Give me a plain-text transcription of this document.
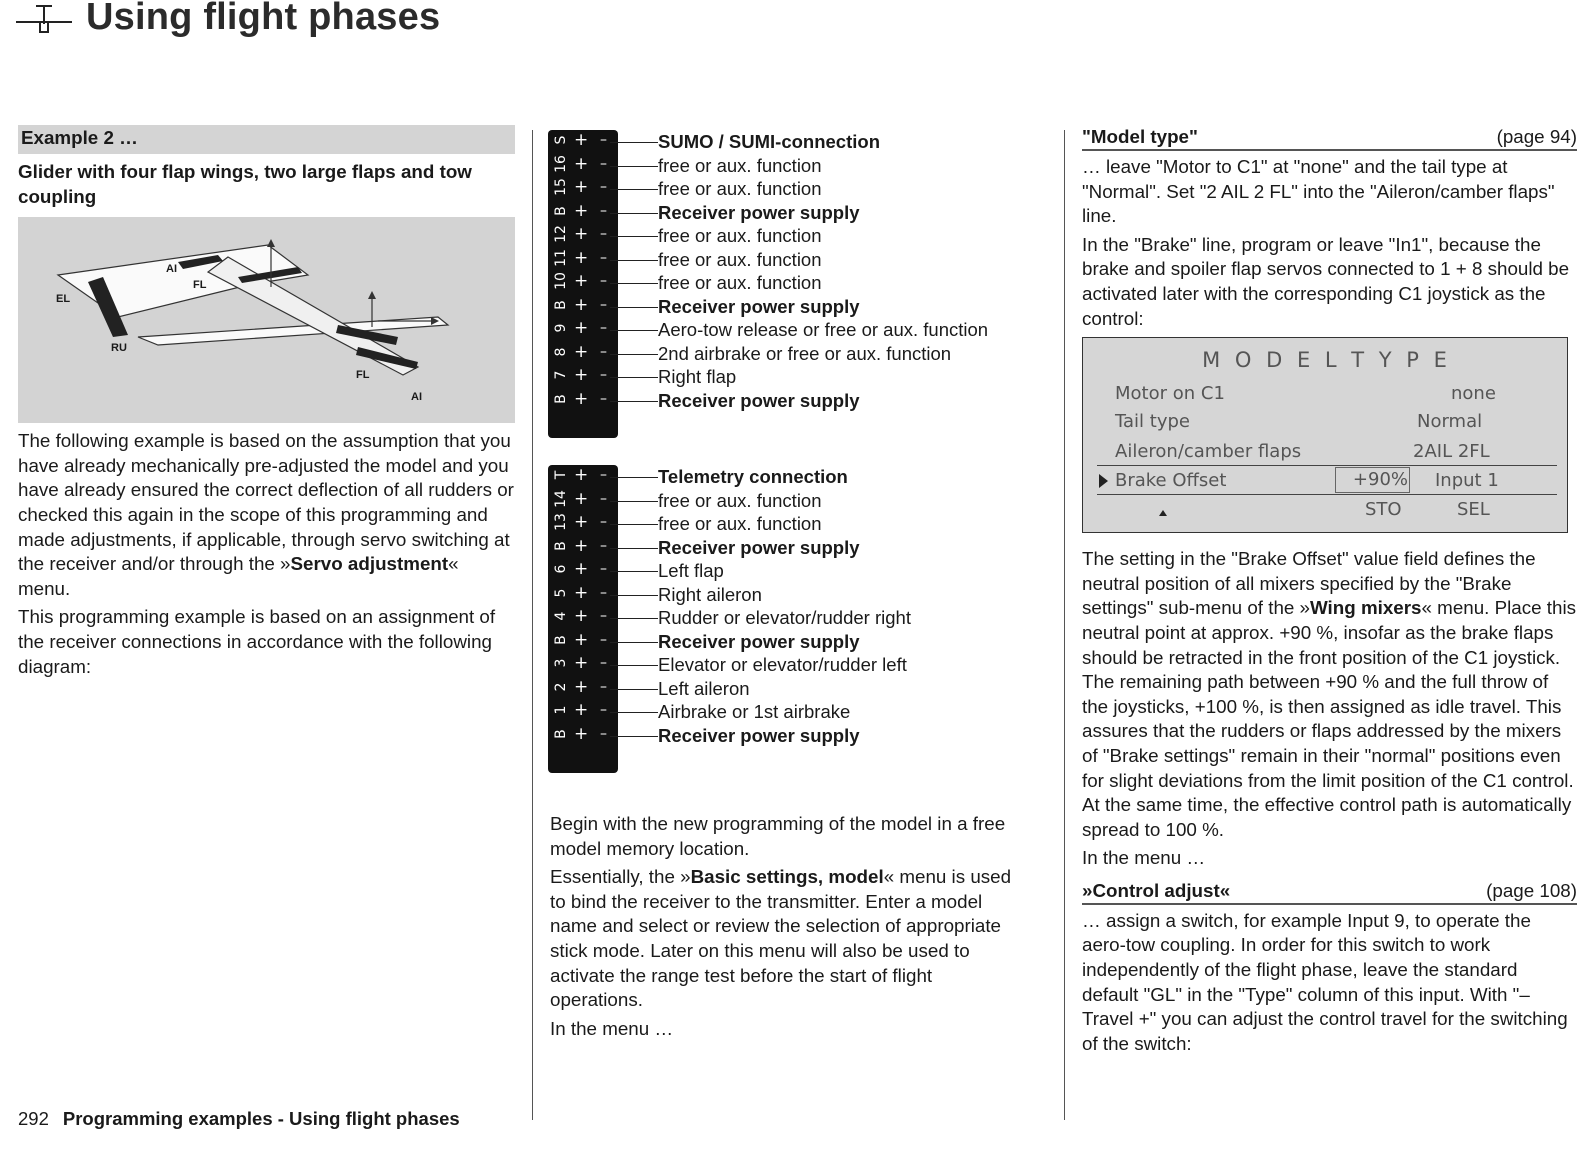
Using flight phases
Example 2 …
Glider with four flap wings, two large flaps and tow coupling
AI
FL
EL
RU
FL
AI

The following example is based on the assumption that you have already mechanically pre-adjusted the model and you have already ensured the correct deflection of all rudders or checked this again in the scope of this programming and made adjustments, if applicable, through servo switching at the receiver and/or through the »Servo adjustment« menu.

This programming example is based on an assignment of the receiver connections in accordance with the following diagram:

S + –	SUMO / SUMI-connection
16 + –	free or aux. function
15 + –	free or aux. function
B + –	Receiver power supply
12 + –	free or aux. function
11 + –	free or aux. function
10 + –	free or aux. function
B + –	Receiver power supply
9 + –	Aero-tow release or free or aux. function
8 + –	2nd airbrake or free or aux. function
7 + –	Right flap
B + –	Receiver power supply
T + –	Telemetry connection
14 + –	free or aux. function
13 + –	free or aux. function
B + –	Receiver power supply
6 + –	Left flap
5 + –	Right aileron
4 + –	Rudder or elevator/rudder right
B + –	Receiver power supply
3 + –	Elevator or elevator/rudder left
2 + –	Left aileron
1 + –	Airbrake or 1st airbrake
B + –	Receiver power supply

Begin with the new programming of the model in a free model memory location.

Essentially, the »Basic settings, model« menu is used to bind the receiver to the transmitter. Enter a model name and select or review the selection of appropriate stick mode. Later on this menu will also be used to activate the range test before the start of flight operations.

In the menu …

"Model type"	(page 94)

… leave "Motor to C1" at "none" and the tail type at "Normal". Set "2 AIL 2 FL" into the "Aileron/camber flaps" line.

In the "Brake" line, program or leave "In1", because the brake and spoiler flap servos connected to 1 + 8 should be activated later with the corresponding C1 joystick as the control:

M O D E L T Y P E
Motor on C1	none
Tail type	Normal
Aileron/camber flaps	2AIL 2FL
Brake Offset	+90% Input 1
STO	SEL

The setting in the "Brake Offset" value field defines the neutral position of all mixers specified by the "Brake settings" sub-menu of the »Wing mixers« menu. Place this neutral point at approx. +90 %, insofar as the brake flaps should be retracted in the front position of the C1 joystick. The remaining path between +90 % and the full throw of the joysticks, +100 %, is then assigned as idle travel. This assures that the rudders or flaps addressed by the mixers of "Brake settings" remain in their "normal" positions even for slight deviations from the limit position of the C1 control. At the same time, the effective control path is automatically spread to 100 %.

In the menu …

»Control adjust«	(page 108)

… assign a switch, for example Input 9, to operate the aero-tow coupling. In order for this switch to work independently of the flight phase, leave the standard default "GL" in the "Type" column of this input. With "– Travel +" you can adjust the control travel for the switching of the switch:

292 Programming examples - Using flight phases
